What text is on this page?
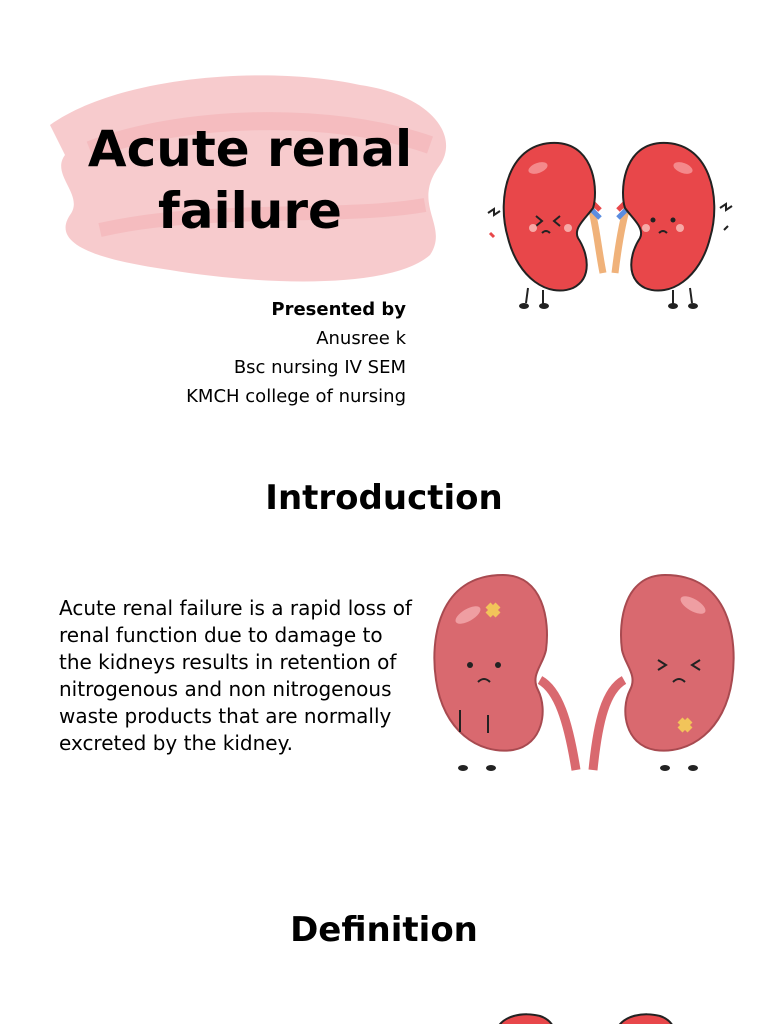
Acute renal
failure
Presented by
Anusree k
Bsc nursing IV SEM
KMCH college of nursing
Introduction

Acute renal failure is a rapid loss of renal function due to damage to the kidneys results in retention of nitrogenous and non nitrogenous waste products that are normally excreted by the kidney.

Definition
